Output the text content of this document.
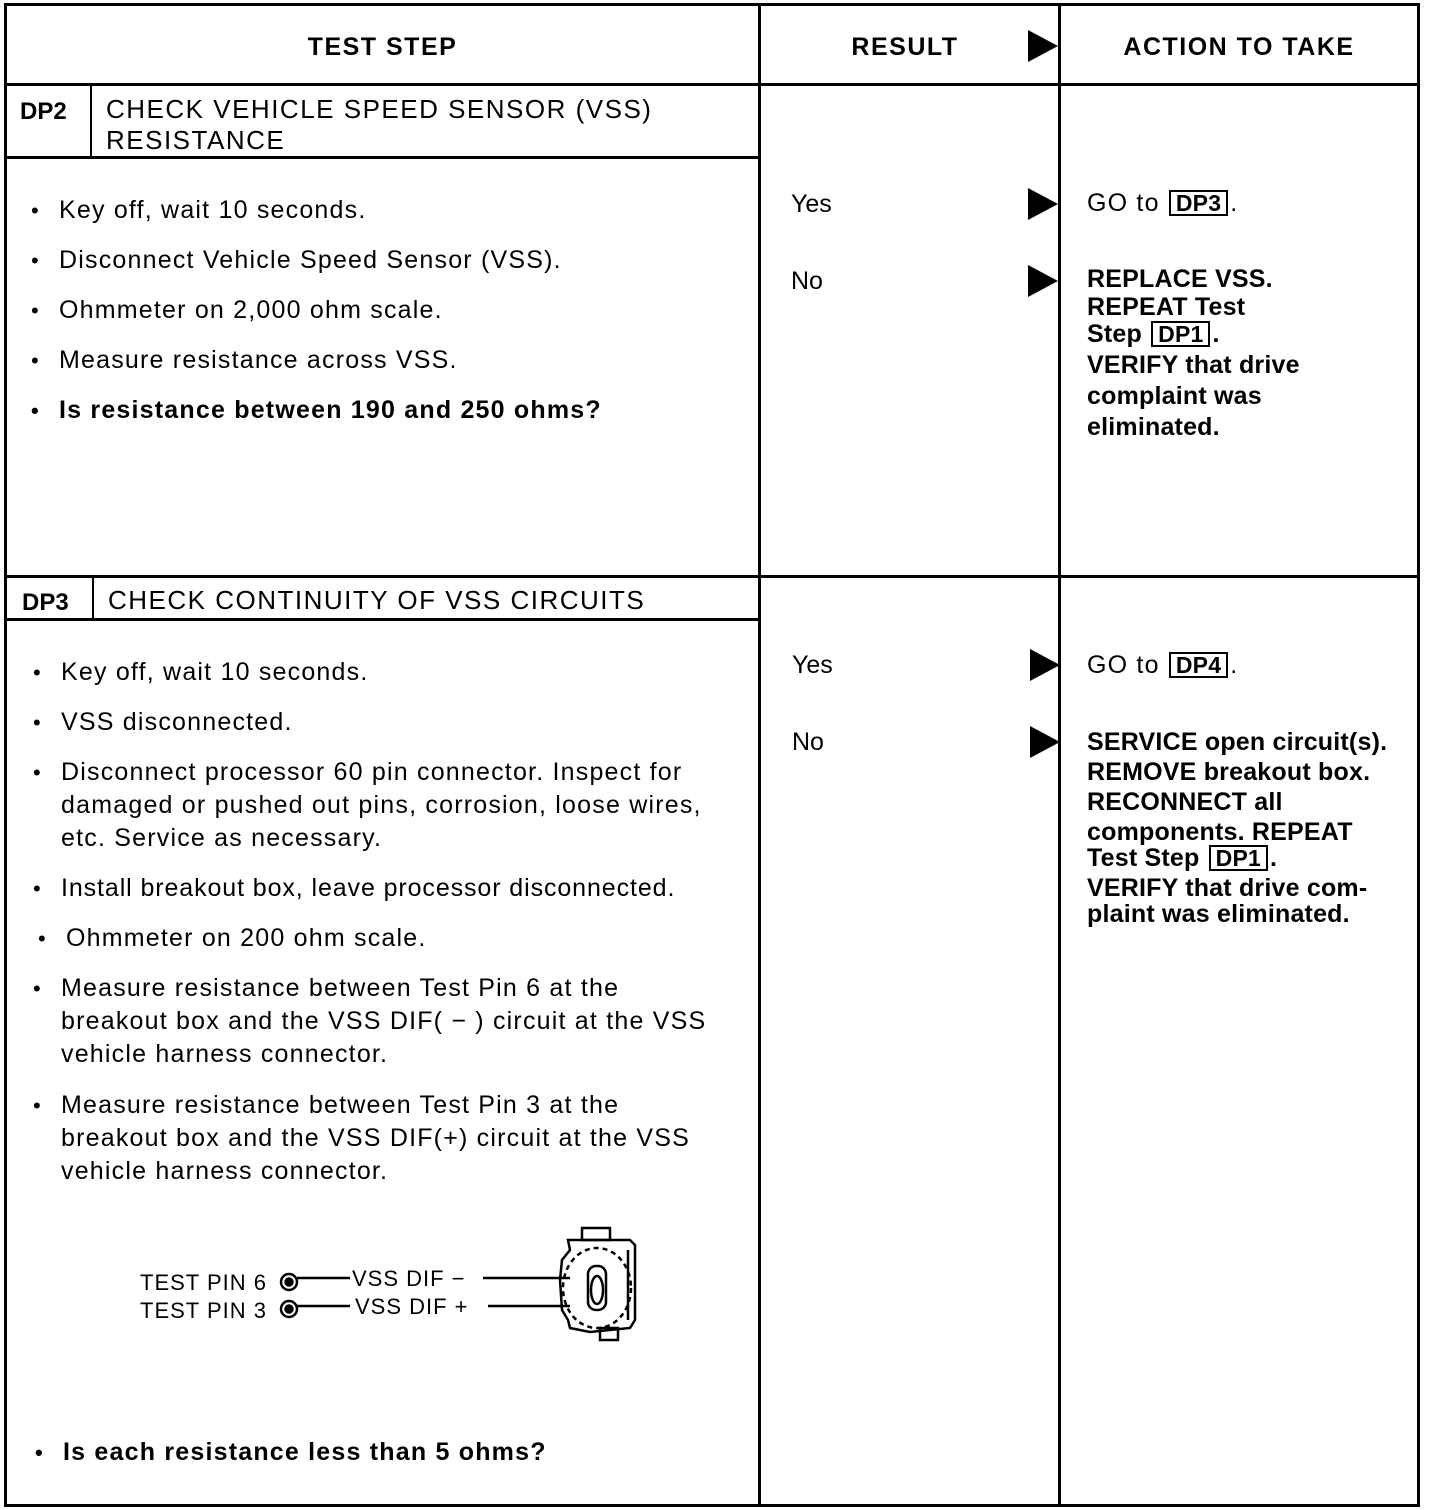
TEST STEP	RESULT	ACTION TO TAKE
DP2 CHECK VEHICLE SPEED SENSOR (VSS) RESISTANCE
• Key off, wait 10 seconds.
• Disconnect Vehicle Speed Sensor (VSS).
• Ohmmeter on 2,000 ohm scale.
• Measure resistance across VSS.
• Is resistance between 190 and 250 ohms?
Yes
No
GO to DP3 .
REPLACE VSS.
REPEAT Test
Step DP1 .
VERIFY that drive
complaint was
eliminated.
DP3 CHECK CONTINUITY OF VSS CIRCUITS
• Key off, wait 10 seconds.
• VSS disconnected.
• Disconnect processor 60 pin connector. Inspect for damaged or pushed out pins, corrosion, loose wires, etc. Service as necessary.
• Install breakout box, leave processor disconnected.
• Ohmmeter on 200 ohm scale.
• Measure resistance between Test Pin 6 at the breakout box and the VSS DIF( − ) circuit at the VSS vehicle harness connector.
• Measure resistance between Test Pin 3 at the breakout box and the VSS DIF(+) circuit at the VSS vehicle harness connector.
• Is each resistance less than 5 ohms?
TEST PIN 6
TEST PIN 3
VSS DIF −
VSS DIF +
Yes
No
GO to DP4 .
SERVICE open circuit(s).
REMOVE breakout box.
RECONNECT all
components. REPEAT
Test Step DP1 .
VERIFY that drive com-
plaint was eliminated.
